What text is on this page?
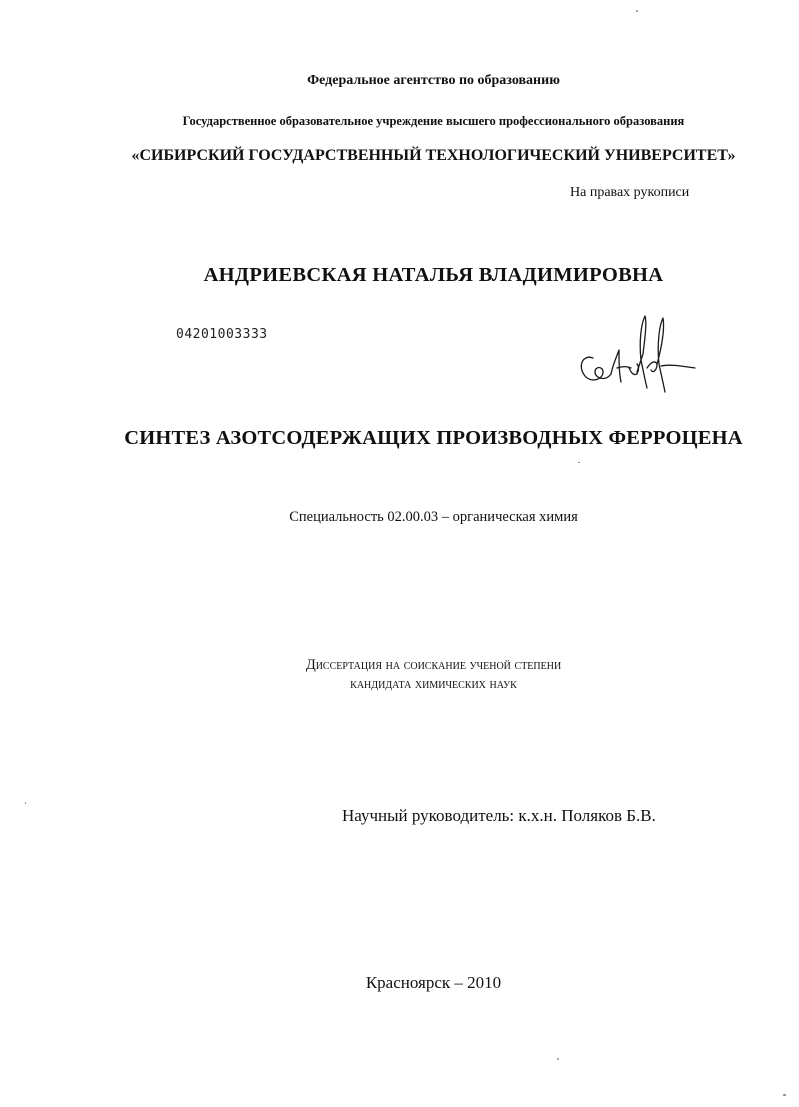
Федеральное агентство по образованию
Государственное образовательное учреждение высшего профессионального образования
«СИБИРСКИЙ ГОСУДАРСТВЕННЫЙ ТЕХНОЛОГИЧЕСКИЙ УНИВЕРСИТЕТ»
На правах рукописи
АНДРИЕВСКАЯ НАТАЛЬЯ ВЛАДИМИРОВНА
04201003333
СИНТЕЗ АЗОТСОДЕРЖАЩИХ ПРОИЗВОДНЫХ ФЕРРОЦЕНА
Специальность 02.00.03 – органическая химия
Диссертация на соискание ученой степени
кандидата химических наук
Научный руководитель: к.х.н. Поляков Б.В.
Красноярск – 2010
